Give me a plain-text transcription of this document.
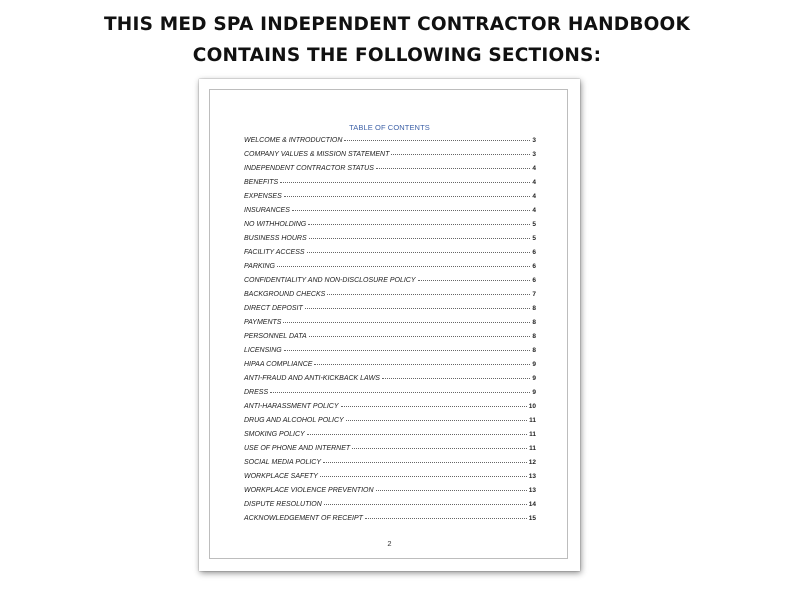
THIS MED SPA INDEPENDENT CONTRACTOR HANDBOOK
CONTAINS THE FOLLOWING SECTIONS:
TABLE OF CONTENTS
WELCOME & INTRODUCTION	3
COMPANY VALUES & MISSION STATEMENT	3
INDEPENDENT CONTRACTOR STATUS	4
BENEFITS	4
EXPENSES	4
INSURANCES	4
NO WITHHOLDING	5
BUSINESS HOURS	5
FACILITY ACCESS	6
PARKING	6
CONFIDENTIALITY AND NON-DISCLOSURE POLICY	6
BACKGROUND CHECKS	7
DIRECT DEPOSIT	8
PAYMENTS	8
PERSONNEL DATA	8
LICENSING	8
HIPAA COMPLIANCE	9
ANTI-FRAUD AND ANTI-KICKBACK LAWS	9
DRESS	9
ANTI-HARASSMENT POLICY	10
DRUG AND ALCOHOL POLICY	11
SMOKING POLICY	11
USE OF PHONE AND INTERNET	11
SOCIAL MEDIA POLICY	12
WORKPLACE SAFETY	13
WORKPLACE VIOLENCE PREVENTION	13
DISPUTE RESOLUTION	14
ACKNOWLEDGEMENT OF RECEIPT	15
2
